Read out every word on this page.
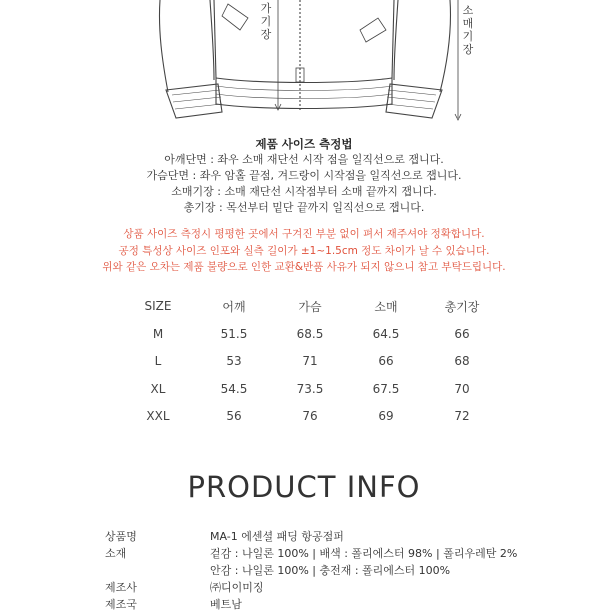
가
기장
소
매
기
장
제품 사이즈 측정법
아깨단면 : 좌우 소매 재단선 시작 점을 일직선으로 잽니다.
가슴단면 : 좌우 암홀 끝점, 겨드랑이 시작점을 일직선으로 잽니다.
소매기장 : 소매 재단선 시작점부터 소매 끝까지 잽니다.
총기장 : 목선부터 밑단 끝까지 일직선으로 잽니다.
상품 사이즈 측정시 평평한 곳에서 구겨진 부분 없이 펴서 재주셔야 정확합니다.
공정 특성상 사이즈 인포와 실측 길이가 ±1~1.5cm 정도 차이가 날 수 있습니다.
위와 같은 오차는 제품 불량으로 인한 교환&반품 사유가 되지 않으니 참고 부탁드립니다.
SIZE	어깨	가슴	소매	총기장
M	51.5	68.5	64.5	66
L	53	71	66	68
XL	54.5	73.5	67.5	70
XXL	56	76	69	72
PRODUCT INFO
상품명	MA-1 에센셜 패딩 항공점퍼
소재	겉감 : 나일론 100% | 배색 : 폴리에스터 98% | 폴리우레탄 2%
안감 : 나일론 100% | 충전재 : 폴리에스터 100%
제조사	㈜디이미징
제조국	베트남
